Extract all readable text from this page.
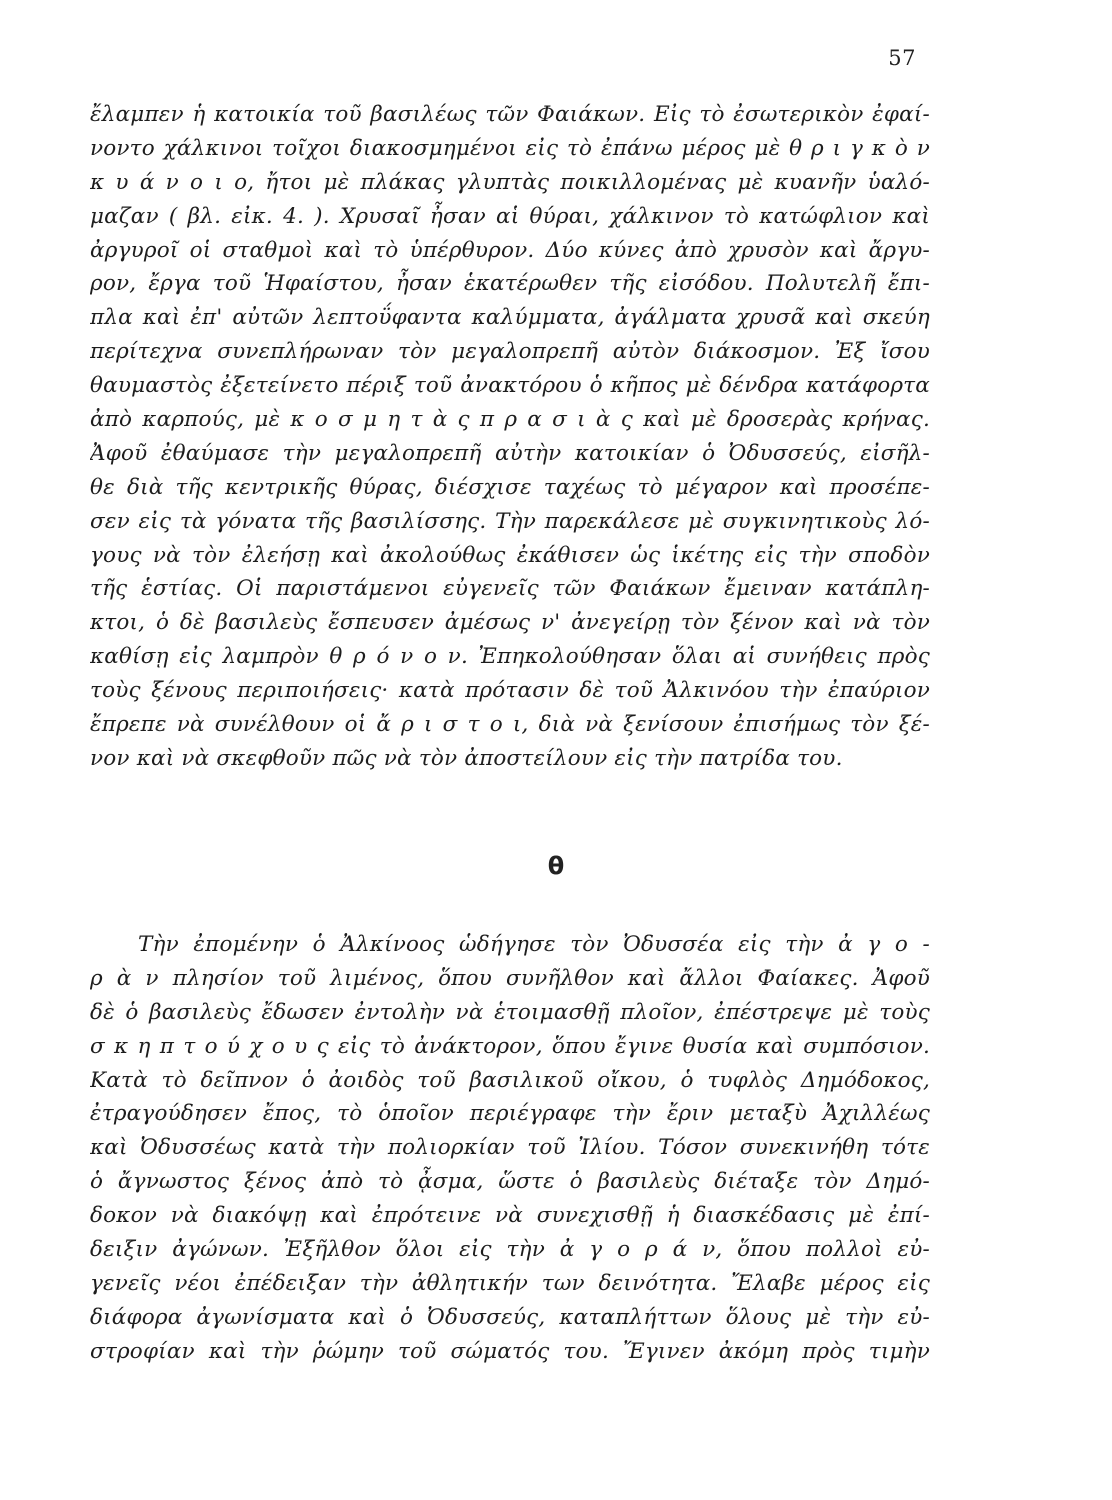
57
ἔλαμπεν ἡ κατοικία τοῦ βασιλέως τῶν Φαιάκων. Εἰς τὸ ἐσωτερικὸν ἐφαί-
νοντο χάλκινοι τοῖχοι διακοσμημένοι εἰς τὸ ἐπάνω μέρος μὲ θ ρ ι γ κ ὸ ν
κ υ ά ν ο ι ο, ἤτοι μὲ πλάκας γλυπτὰς ποικιλλομένας μὲ κυανῆν ὑαλό-
μαζαν ( βλ. εἰκ. 4. ). Χρυσαῖ ἦσαν αἱ θύραι, χάλκινον τὸ κατώφλιον καὶ
ἀργυροῖ οἱ σταθμοὶ καὶ τὸ ὑπέρθυρον. Δύο κύνες ἀπὸ χρυσὸν καὶ ἄργυ-
ρον, ἔργα τοῦ Ἡφαίστου, ἦσαν ἑκατέρωθεν τῆς εἰσόδου. Πολυτελῆ ἔπι-
πλα καὶ ἐπ' αὐτῶν λεπτοΰφαντα καλύμματα, ἀγάλματα χρυσᾶ καὶ σκεύη
περίτεχνα συνεπλήρωναν τὸν μεγαλοπρεπῆ αὐτὸν διάκοσμον. Ἐξ ἴσου
θαυμαστὸς ἐξετείνετο πέριξ τοῦ ἀνακτόρου ὁ κῆπος μὲ δένδρα κατάφορτα
ἀπὸ καρπούς, μὲ κ ο σ μ η τ ὰ ς π ρ α σ ι ὰ ς καὶ μὲ δροσερὰς κρήνας.
Ἀφοῦ ἐθαύμασε τὴν μεγαλοπρεπῆ αὐτὴν κατοικίαν ὁ Ὀδυσσεύς, εἰσῆλ-
θε διὰ τῆς κεντρικῆς θύρας, διέσχισε ταχέως τὸ μέγαρον καὶ προσέπε-
σεν εἰς τὰ γόνατα τῆς βασιλίσσης. Τὴν παρεκάλεσε μὲ συγκινητικοὺς λό-
γους νὰ τὸν ἐλεήσῃ καὶ ἀκολούθως ἐκάθισεν ὡς ἱκέτης εἰς τὴν σποδὸν
τῆς ἑστίας. Οἱ παριστάμενοι εὐγενεῖς τῶν Φαιάκων ἔμειναν κατάπλη-
κτοι, ὁ δὲ βασιλεὺς ἔσπευσεν ἀμέσως ν' ἀνεγείρῃ τὸν ξένον καὶ νὰ τὸν
καθίσῃ εἰς λαμπρὸν θ ρ ό ν ο ν. Ἐπηκολούθησαν ὅλαι αἱ συνήθεις πρὸς
τοὺς ξένους περιποιήσεις· κατὰ πρότασιν δὲ τοῦ Ἀλκινόου τὴν ἐπαύριον
ἔπρεπε νὰ συνέλθουν οἱ ἄ ρ ι σ τ ο ι, διὰ νὰ ξενίσουν ἐπισήμως τὸν ξέ-
νον καὶ νὰ σκεφθοῦν πῶς νὰ τὸν ἀποστείλουν εἰς τὴν πατρίδα του.
θ
Τὴν ἐπομένην ὁ Ἀλκίνοος ὡδήγησε τὸν Ὀδυσσέα εἰς τὴν ἀ γ ο -
ρ ὰ ν πλησίον τοῦ λιμένος, ὅπου συνῆλθον καὶ ἄλλοι Φαίακες. Ἀφοῦ
δὲ ὁ βασιλεὺς ἔδωσεν ἐντολὴν νὰ ἑτοιμασθῇ πλοῖον, ἐπέστρεψε μὲ τοὺς
σ κ η π τ ο ύ χ ο υ ς εἰς τὸ ἀνάκτορον, ὅπου ἔγινε θυσία καὶ συμπόσιον.
Κατὰ τὸ δεῖπνον ὁ ἀοιδὸς τοῦ βασιλικοῦ οἴκου, ὁ τυφλὸς Δημόδοκος,
ἐτραγούδησεν ἔπος, τὸ ὁποῖον περιέγραφε τὴν ἔριν μεταξὺ Ἀχιλλέως
καὶ Ὀδυσσέως κατὰ τὴν πολιορκίαν τοῦ Ἰλίου. Τόσον συνεκινήθη τότε
ὁ ἄγνωστος ξένος ἀπὸ τὸ ᾆσμα, ὥστε ὁ βασιλεὺς διέταξε τὸν Δημό-
δοκον νὰ διακόψῃ καὶ ἐπρότεινε νὰ συνεχισθῇ ἡ διασκέδασις μὲ ἐπί-
δειξιν ἀγώνων. Ἐξῆλθον ὅλοι εἰς τὴν ἀ γ ο ρ ά ν, ὅπου πολλοὶ εὐ-
γενεῖς νέοι ἐπέδειξαν τὴν ἀθλητικήν των δεινότητα. Ἔλαβε μέρος εἰς
διάφορα ἀγωνίσματα καὶ ὁ Ὀδυσσεύς, καταπλήττων ὅλους μὲ τὴν εὐ-
στροφίαν καὶ τὴν ῥώμην τοῦ σώματός του. Ἔγινεν ἀκόμη πρὸς τιμὴν
